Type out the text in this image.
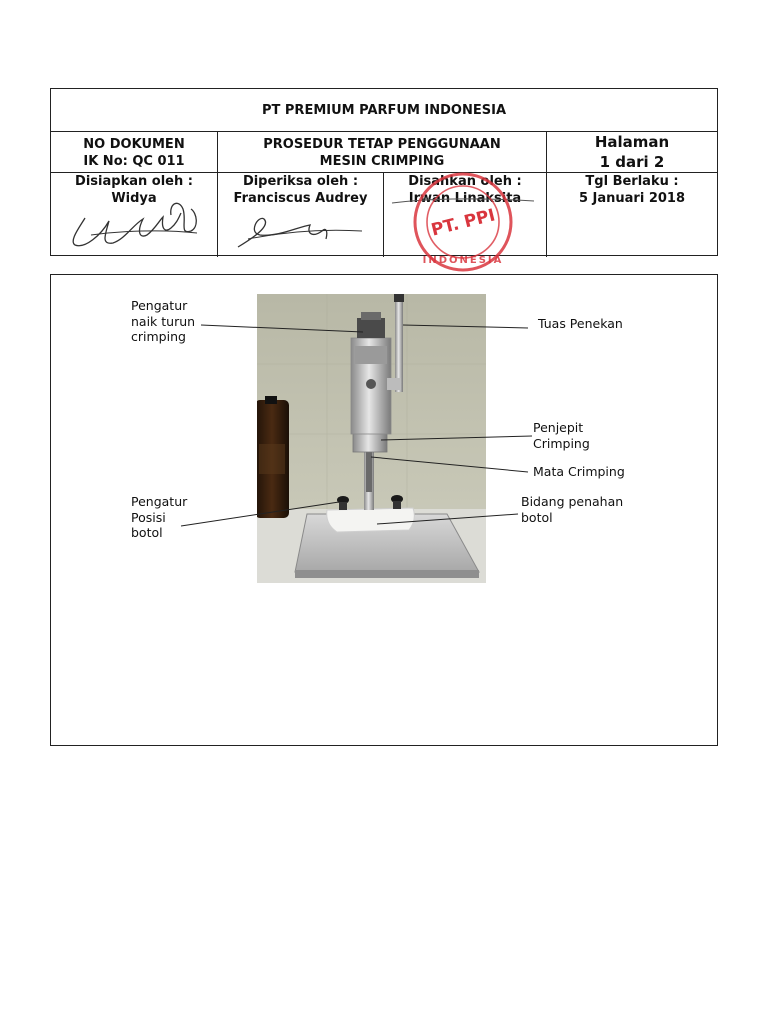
PT PREMIUM PARFUM INDONESIA
NO DOKUMEN
IK No: QC 011
PROSEDUR TETAP PENGGUNAAN
MESIN CRIMPING
Halaman
1 dari 2
Disiapkan oleh :
Widya
Diperiksa oleh :
Franciscus Audrey
Disahkan oleh :
Irwan Linaksita
Tgl Berlaku :
5 Januari 2018
PT. PPI
INDONESIA
Pengatur
naik turun
crimping
Tuas Penekan
Penjepit
Crimping
Mata Crimping
Pengatur
Posisi
botol
Bidang penahan
botol
